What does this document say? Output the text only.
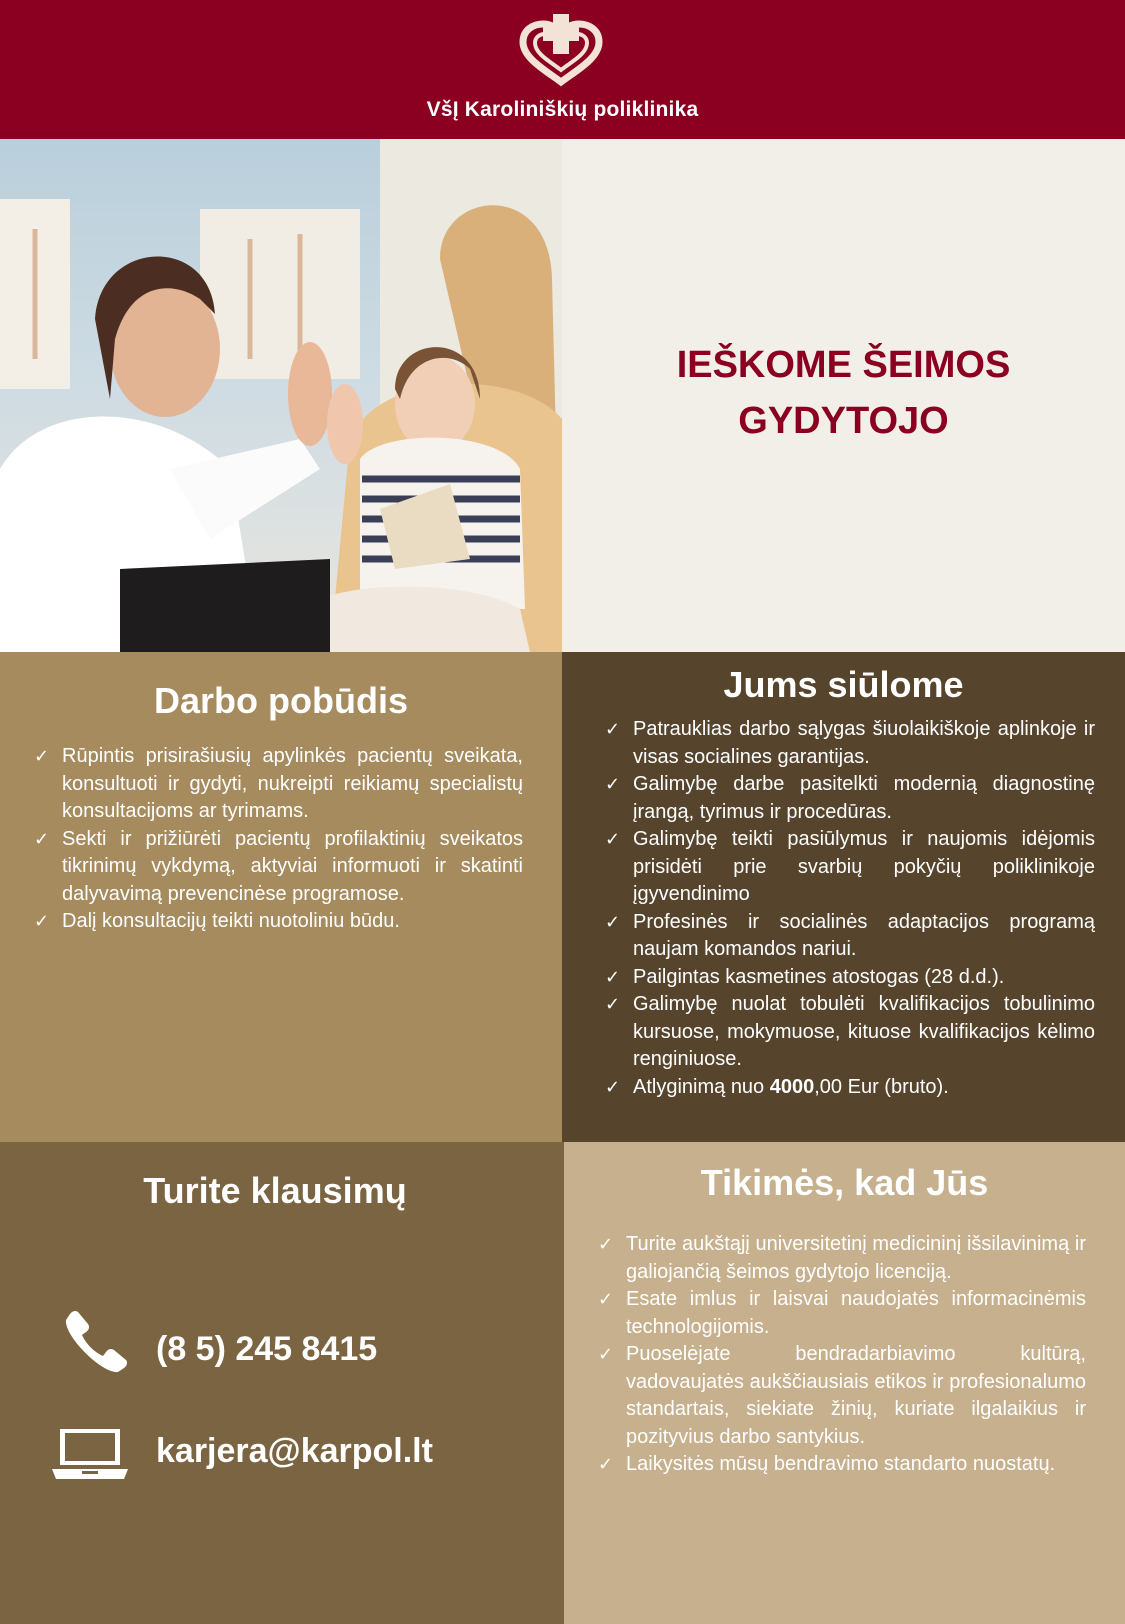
VšĮ Karoliniškių poliklinika
IEŠKOME ŠEIMOS
GYDYTOJO
Darbo pobūdis
✓ Rūpintis prisirašiusių apylinkės pacientų sveikata, konsultuoti ir gydyti, nukreipti reikiamų specialistų konsultacijoms ar tyrimams.
✓ Sekti ir prižiūrėti pacientų profilaktinių sveikatos tikrinimų vykdymą, aktyviai informuoti ir skatinti dalyvavimą prevencinėse programose.
✓ Dalį konsultacijų teikti nuotoliniu būdu.
Jums siūlome
✓ Patrauklias darbo sąlygas šiuolaikiškoje aplinkoje ir visas socialines garantijas.
✓ Galimybę darbe pasitelkti modernią diagnostinę įrangą, tyrimus ir procedūras.
✓ Galimybę teikti pasiūlymus ir naujomis idėjomis prisidėti prie svarbių pokyčių poliklinikoje įgyvendinimo
✓ Profesinės ir socialinės adaptacijos programą naujam komandos nariui.
✓ Pailgintas kasmetines atostogas (28 d.d.).
✓ Galimybę nuolat tobulėti kvalifikacijos tobulinimo kursuose, mokymuose, kituose kvalifikacijos kėlimo renginiuose.
✓ Atlyginimą nuo 4000,00 Eur (bruto).
Turite klausimų
(8 5) 245 8415
karjera@karpol.lt
Tikimės, kad Jūs
✓ Turite aukštąjį universitetinį medicininį išsilavinimą ir galiojančią šeimos gydytojo licenciją.
✓ Esate imlus ir laisvai naudojatės informacinėmis technologijomis.
✓ Puoselėjate bendradarbiavimo kultūrą, vadovaujatės aukščiausiais etikos ir profesionalumo standartais, siekiate žinių, kuriate ilgalaikius ir pozityvius darbo santykius.
✓ Laikysitės mūsų bendravimo standarto nuostatų.
